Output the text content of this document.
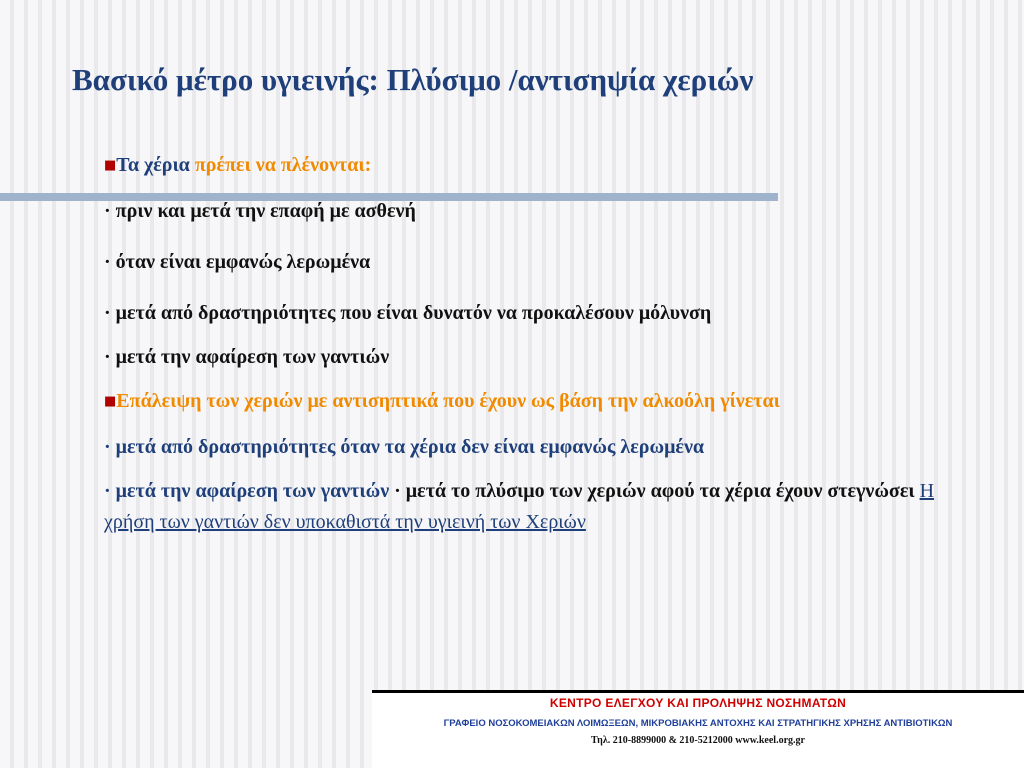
Βασικό μέτρο υγιεινής: Πλύσιμο /αντισηψία χεριών

■Τα χέρια πρέπει να πλένονται:

· πριν και μετά την επαφή με ασθενή

· όταν είναι εμφανώς λερωμένα

· μετά από δραστηριότητες που είναι δυνατόν να προκαλέσουν μόλυνση

· μετά την αφαίρεση των γαντιών

■Επάλειψη των χεριών με αντισηπτικά που έχουν ως βάση την αλκοόλη γίνεται

· μετά από δραστηριότητες όταν τα χέρια δεν είναι εμφανώς λερωμένα

· μετά την αφαίρεση των γαντιών · μετά το πλύσιμο των χεριών αφού τα χέρια έχουν στεγνώσει Η χρήση των γαντιών δεν υποκαθιστά την υγιεινή των Χεριών

ΚΕΝΤΡΟ ΕΛΕΓΧΟΥ ΚΑΙ ΠΡΟΛΗΨΗΣ ΝΟΣΗΜΑΤΩΝ
ΓΡΑΦΕΙΟ ΝΟΣΟΚΟΜΕΙΑΚΩΝ ΛΟΙΜΩΞΕΩΝ, ΜΙΚΡΟΒΙΑΚΗΣ ΑΝΤΟΧΗΣ ΚΑΙ ΣΤΡΑΤΗΓΙΚΗΣ ΧΡΗΣΗΣ ΑΝΤΙΒΙΟΤΙΚΩΝ
Τηλ. 210-8899000 & 210-5212000 www.keel.org.gr
